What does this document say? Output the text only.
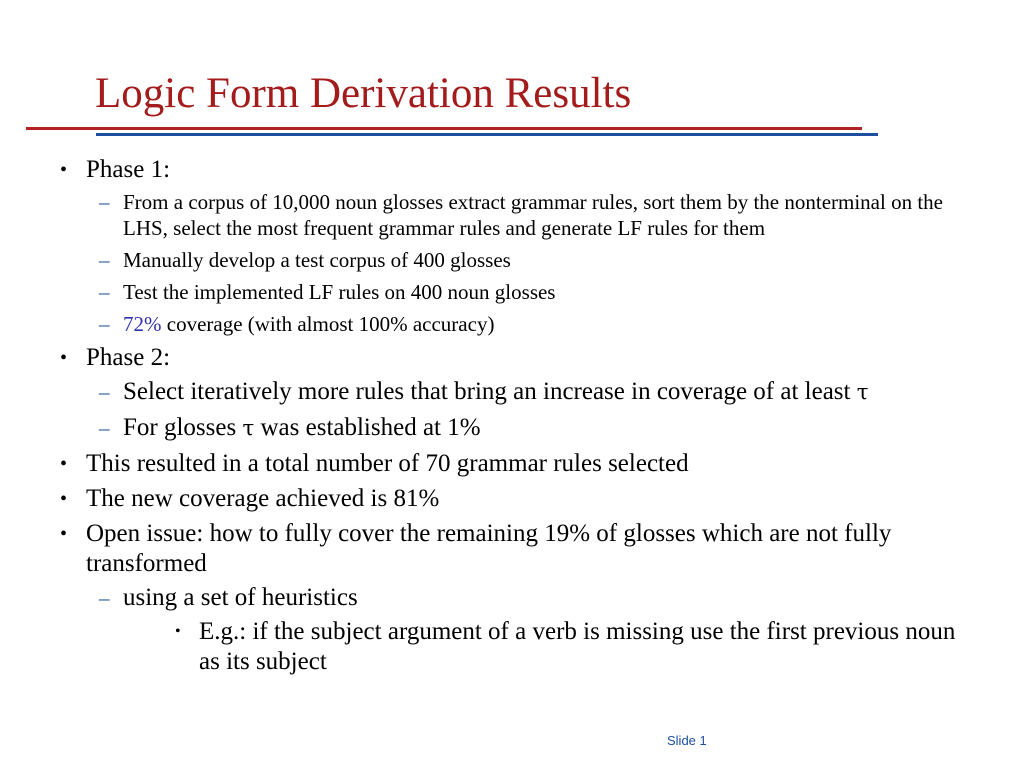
Logic Form Derivation Results
• Phase 1:
– From a corpus of 10,000 noun glosses extract grammar rules, sort them by the nonterminal on the LHS, select the most frequent grammar rules and generate LF rules for them
– Manually develop a test corpus of 400 glosses
– Test the implemented LF rules on 400 noun glosses
– 72% coverage (with almost 100% accuracy)
• Phase 2:
– Select iteratively more rules that bring an increase in coverage of at least τ
– For glosses τ was established at 1%
• This resulted in a total number of 70 grammar rules selected
• The new coverage achieved is 81%
• Open issue: how to fully cover the remaining 19% of glosses which are not fully transformed
– using a set of heuristics
• E.g.: if the subject argument of a verb is missing use the first previous noun as its subject
Slide 1
